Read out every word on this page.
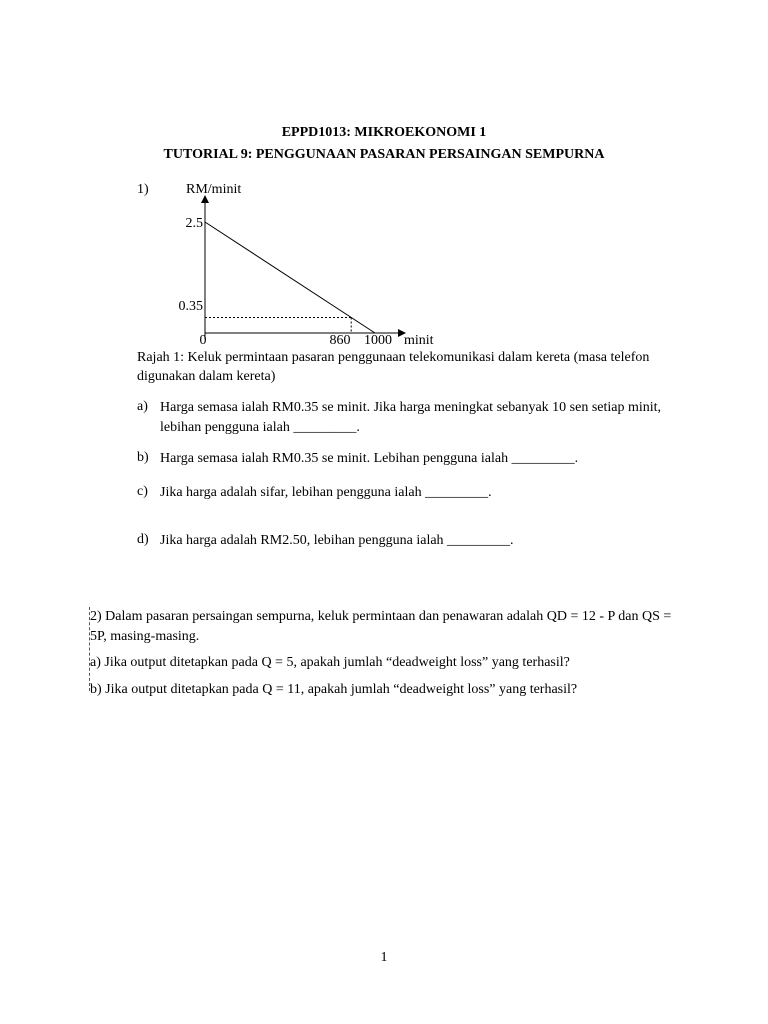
EPPD1013: MIKROEKONOMI 1
TUTORIAL 9: PENGGUNAAN PASARAN PERSAINGAN SEMPURNA
1)	RM/minit
minit
2.5
0.35
0	860 1000
Rajah 1: Keluk permintaan pasaran penggunaan telekomunikasi dalam kereta (masa telefon digunakan dalam kereta)
a) Harga semasa ialah RM0.35 se minit. Jika harga meningkat sebanyak 10 sen setiap minit, lebihan pengguna ialah _________.
b) Harga semasa ialah RM0.35 se minit. Lebihan pengguna ialah _________.
c) Jika harga adalah sifar, lebihan pengguna ialah _________.
d) Jika harga adalah RM2.50, lebihan pengguna ialah _________.
2) Dalam pasaran persaingan sempurna, keluk permintaan dan penawaran adalah QD = 12 - P dan QS = 5P, masing-masing.
a) Jika output ditetapkan pada Q = 5, apakah jumlah “deadweight loss” yang terhasil?
b) Jika output ditetapkan pada Q = 11, apakah jumlah “deadweight loss” yang terhasil?
1
